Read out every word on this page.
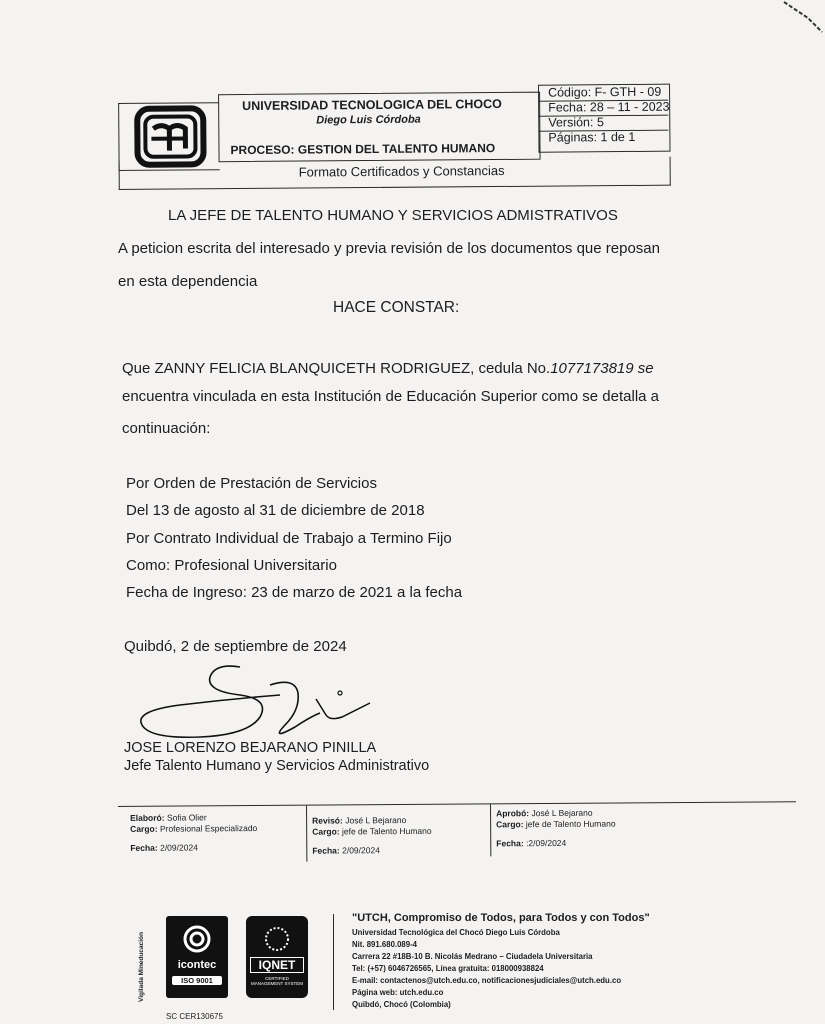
UNIVERSIDAD TECNOLOGICA DEL CHOCO
Diego Luis Córdoba
PROCESO: GESTION DEL TALENTO HUMANO
Código: F- GTH - 09
Fecha: 28 – 11 - 2023
Versión: 5
Páginas: 1 de 1
Formato Certificados y Constancias
LA JEFE DE TALENTO HUMANO Y SERVICIOS ADMISTRATIVOS
A peticion escrita del interesado y previa revisión de los documentos que reposan
en esta dependencia
HACE CONSTAR:
Que ZANNY FELICIA BLANQUICETH RODRIGUEZ, cedula No.1077173819 se
encuentra vinculada en esta Institución de Educación Superior como se detalla a
continuación:
Por Orden de Prestación de Servicios
Del 13 de agosto al 31 de diciembre de 2018
Por Contrato Individual de Trabajo a Termino Fijo
Como: Profesional Universitario
Fecha de Ingreso: 23 de marzo de 2021 a la fecha
Quibdó, 2 de septiembre de 2024
JOSE LORENZO BEJARANO PINILLA
Jefe Talento Humano y Servicios Administrativo
Elaboró: Sofia Olier
Cargo: Profesional Especializado
Fecha: 2/09/2024
Revisó: José L Bejarano
Cargo: jefe de Talento Humano
Fecha: 2/09/2024
Aprobó: José L Bejarano
Cargo: jefe de Talento Humano
Fecha: :2/09/2024
Vigilada Mineducación	icontec
ISO 9001
IQNET
CERTIFIED MANAGEMENT SYSTEM
SC CER130675
"UTCH, Compromiso de Todos, para Todos y con Todos"
Universidad Tecnológica del Chocó Diego Luis Córdoba
Nit. 891.680.089-4
Carrera 22 #18B-10 B. Nicolás Medrano – Ciudadela Universitaria
Tel: (+57) 6046726565, Línea gratuita: 018000938824
E-mail: contactenos@utch.edu.co, notificacionesjudiciales@utch.edu.co
Página web: utch.edu.co
Quibdó, Chocó (Colombia)
